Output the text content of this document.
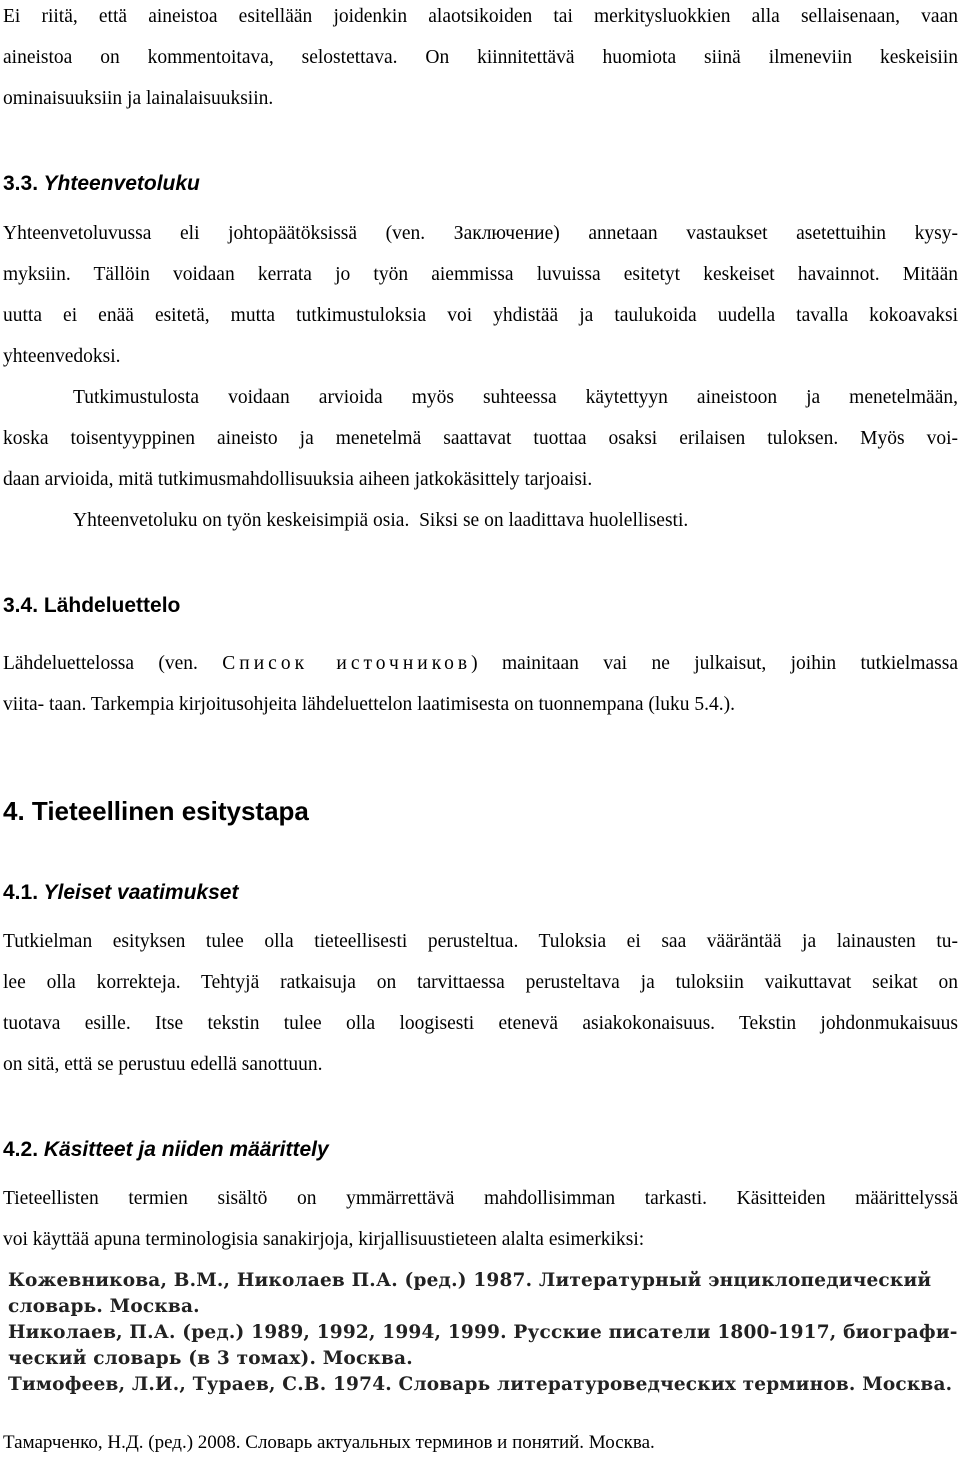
Ei riitä, että aineistoa esitellään joidenkin alaotsikoiden tai merkitysluokkien alla sellaisenaan, vaan
aineistoa on kommentoitava, selostettava. On kiinnitettävä huomiota siinä ilmeneviin keskeisiin
ominaisuuksiin ja lainalaisuuksiin.

3.3. Yhteenvetoluku

Yhteenvetoluvussa eli johtopäätöksissä (ven. Заключение) annetaan vastaukset asetettuihin kysy-
myksiin. Tällöin voidaan kerrata jo työn aiemmissa luvuissa esitetyt keskeiset havainnot. Mitään
uutta ei enää esitetä, mutta tutkimustuloksia voi yhdistää ja taulukoida uudella tavalla kokoavaksi
yhteenvedoksi.

Tutkimustulosta voidaan arvioida myös suhteessa käytettyyn aineistoon ja menetelmään,
koska toisentyyppinen aineisto ja menetelmä saattavat tuottaa osaksi erilaisen tuloksen. Myös voi-
daan arvioida, mitä tutkimusmahdollisuuksia aiheen jatkokäsittely tarjoaisi.

Yhteenvetoluku on työn keskeisimpiä osia.  Siksi se on laadittava huolellisesti.

3.4. Lähdeluettelo

Lähdeluettelossa (ven. Список источников) mainitaan vai ne julkaisut, joihin tutkielmassa
viita- taan. Tarkempia kirjoitusohjeita lähdeluettelon laatimisesta on tuonnempana (luku 5.4.).

4. Tieteellinen esitystapa
4.1. Yleiset vaatimukset

Tutkielman esityksen tulee olla tieteellisesti perusteltua. Tuloksia ei saa vääräntää ja lainausten tu-
lee olla korrekteja. Tehtyjä ratkaisuja on tarvittaessa perusteltava ja tuloksiin vaikuttavat seikat on
tuotava esille. Itse tekstin tulee olla loogisesti etenevä asiakokonaisuus. Tekstin johdonmukaisuus
on sitä, että se perustuu edellä sanottuun.

4.2. Käsitteet ja niiden määrittely

Tieteellisten termien sisältö on ymmärrettävä mahdollisimman tarkasti. Käsitteiden määrittelyssä
voi käyttää apuna terminologisia sanakirjoja, kirjallisuustieteen alalta esimerkiksi:

Кожевникова, В.М., Николаев П.А. (ред.) 1987. Литературный энциклопедический
словарь. Москва.
Николаев, П.А. (ред.) 1989, 1992, 1994, 1999. Русские писатели 1800-1917, биографи-
ческий словарь (в 3 томах). Москва.
Тимофеев, Л.И., Тураев, С.В. 1974. Словарь литературоведческих терминов. Москва.
Тамарченко, Н.Д. (ред.) 2008. Словарь актуальных терминов и понятий. Москва.
